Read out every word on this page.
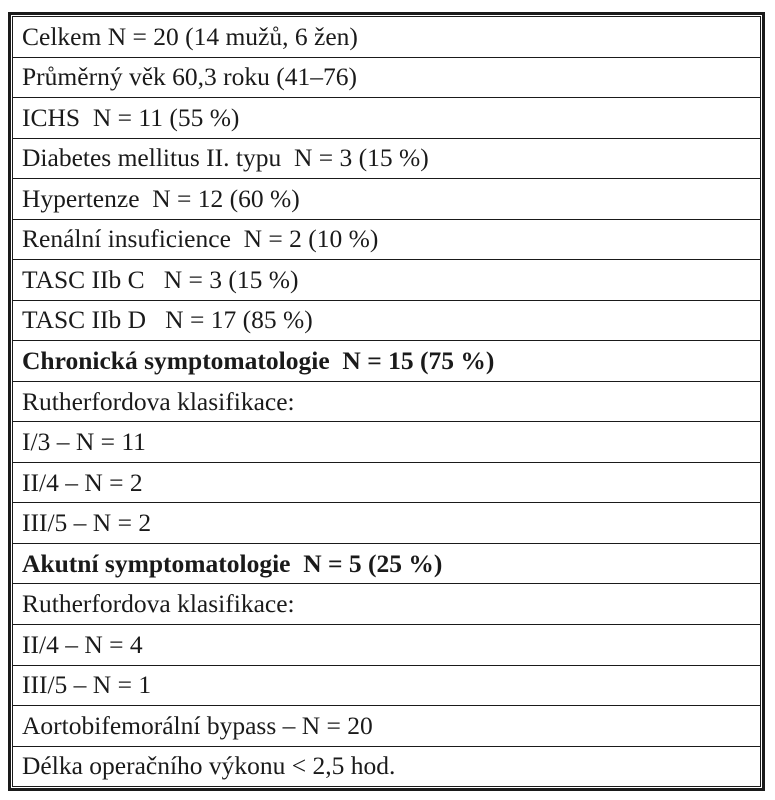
Celkem N = 20 (14 mužů, 6 žen)
Průměrný věk 60,3 roku (41–76)
ICHS  N = 11 (55 %)
Diabetes mellitus II. typu  N = 3 (15 %)
Hypertenze  N = 12 (60 %)
Renální insuficience  N = 2 (10 %)
TASC IIb C   N = 3 (15 %)
TASC IIb D   N = 17 (85 %)
Chronická symptomatologie  N = 15 (75 %)
Rutherfordova klasifikace:
I/3 – N = 11
II/4 – N = 2
III/5 – N = 2
Akutní symptomatologie  N = 5 (25 %)
Rutherfordova klasifikace:
II/4 – N = 4
III/5 – N = 1
Aortobifemorální bypass – N = 20
Délka operačního výkonu < 2,5 hod.
